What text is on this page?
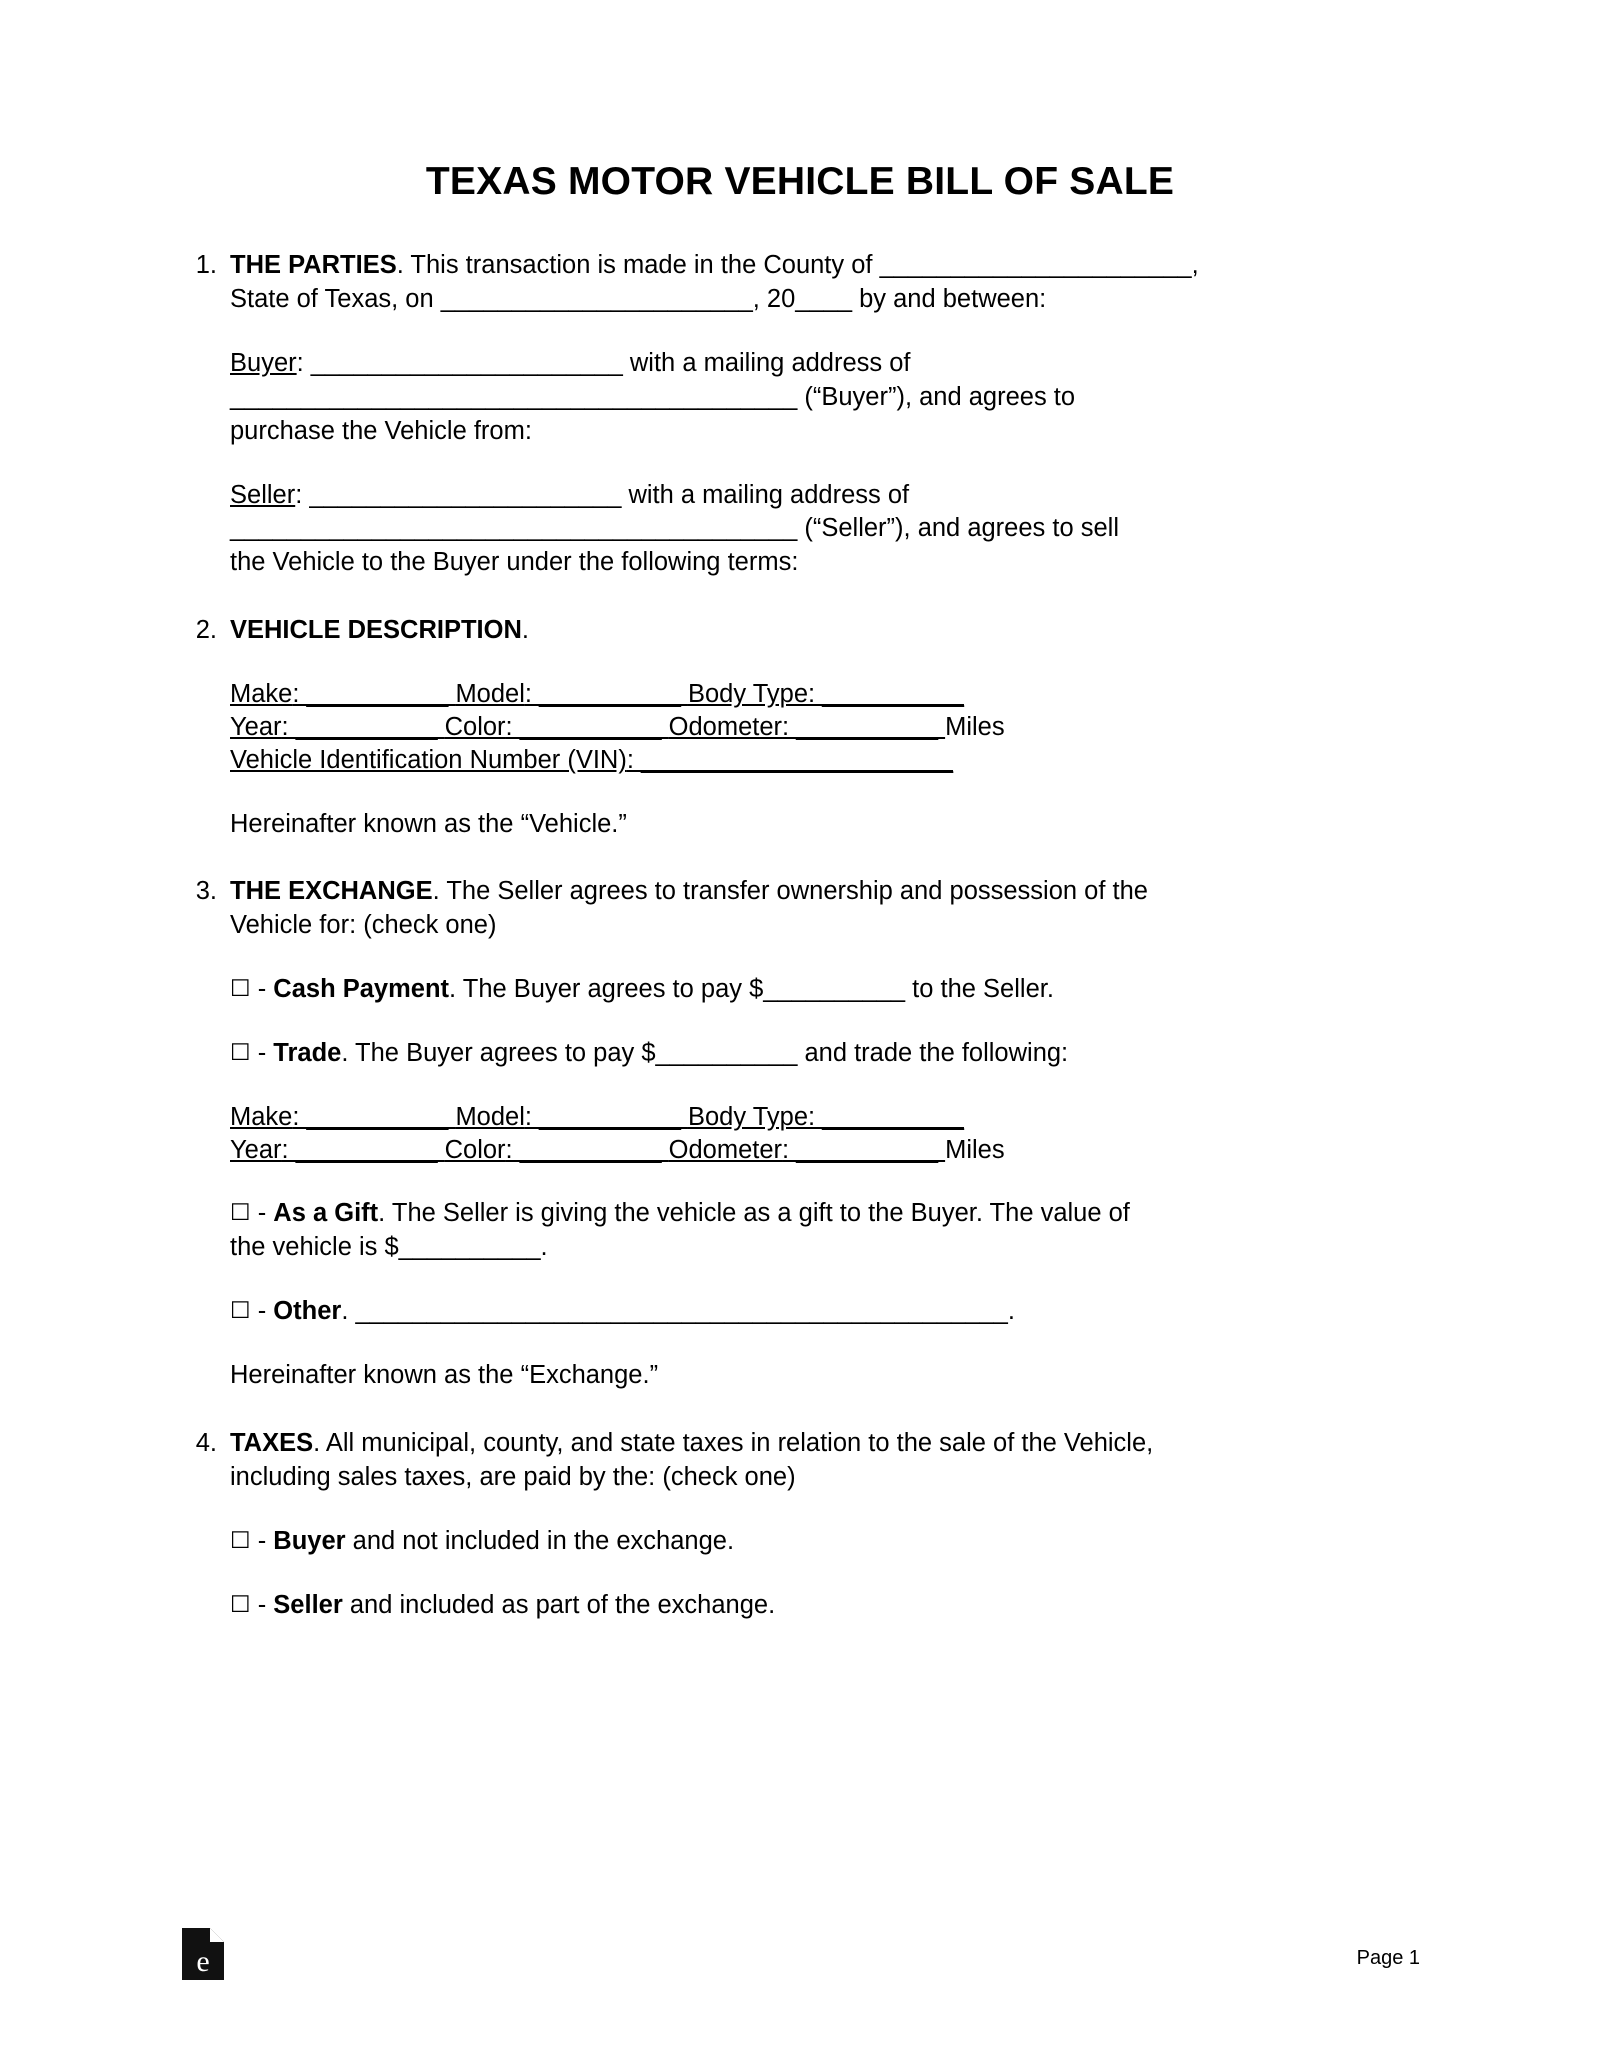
TEXAS MOTOR VEHICLE BILL OF SALE
1. THE PARTIES. This transaction is made in the County of ______________________,
State of Texas, on ______________________, 20____ by and between:

Buyer: ______________________ with a mailing address of
________________________________________ (“Buyer”), and agrees to
purchase the Vehicle from:

Seller: ______________________ with a mailing address of
________________________________________ (“Seller”), and agrees to sell
the Vehicle to the Buyer under the following terms:

2. VEHICLE DESCRIPTION.

Make: __________ Model: __________ Body Type: __________
Year: __________ Color: __________ Odometer: __________ Miles
Vehicle Identification Number (VIN): ______________________

Hereinafter known as the “Vehicle.”

3. THE EXCHANGE. The Seller agrees to transfer ownership and possession of the
Vehicle for: (check one)

☐ - Cash Payment. The Buyer agrees to pay $__________ to the Seller.

☐ - Trade. The Buyer agrees to pay $__________ and trade the following:

Make: __________ Model: __________ Body Type: __________
Year: __________ Color: __________ Odometer: __________ Miles

☐ - As a Gift. The Seller is giving the vehicle as a gift to the Buyer. The value of

the vehicle is $__________.

☐ - Other. ______________________________________________.

Hereinafter known as the “Exchange.”

4. TAXES. All municipal, county, and state taxes in relation to the sale of the Vehicle,
including sales taxes, are paid by the: (check one)

☐ - Buyer and not included in the exchange.

☐ - Seller and included as part of the exchange.

e	Page 1
